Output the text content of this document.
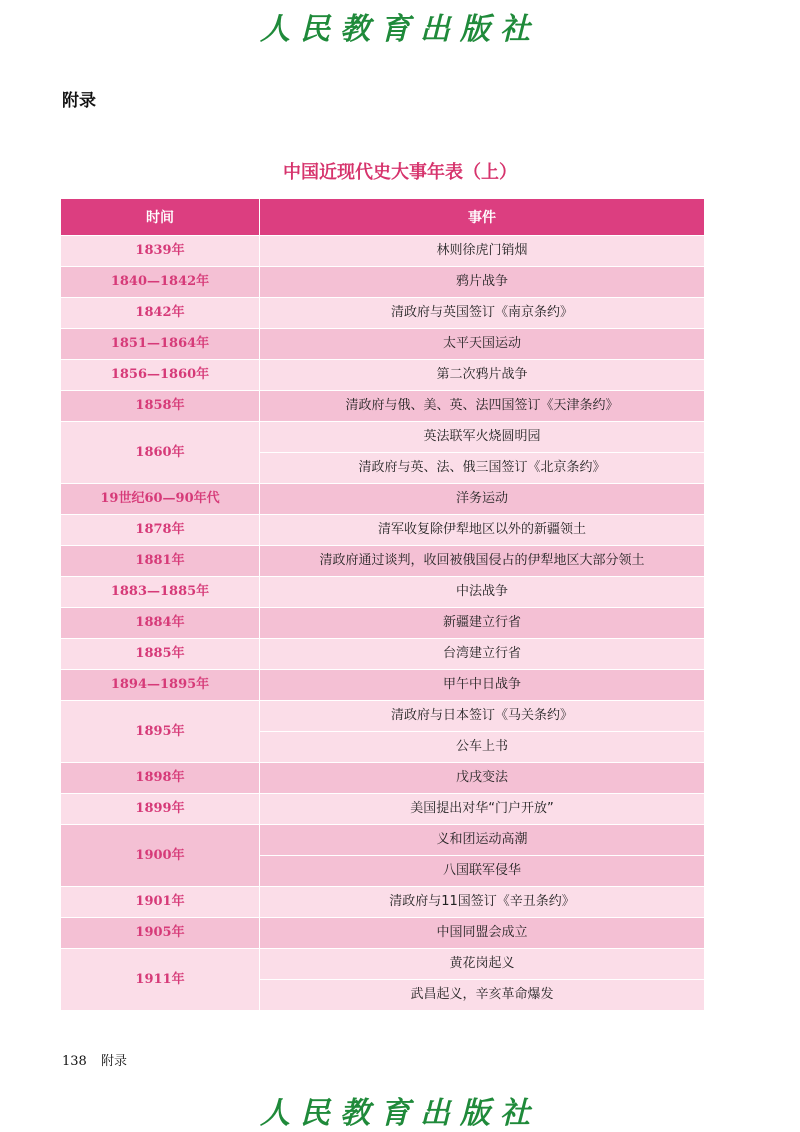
人民教育出版社
附录
中国近现代史大事年表（上）
时间	事件
1839年	林则徐虎门销烟
1840—1842年	鸦片战争
1842年	清政府与英国签订《南京条约》
1851—1864年	太平天国运动
1856—1860年	第二次鸦片战争
1858年	清政府与俄、美、英、法四国签订《天津条约》
1860年	英法联军火烧圆明园
	清政府与英、法、俄三国签订《北京条约》
19世纪60—90年代	洋务运动
1878年	清军收复除伊犁地区以外的新疆领土
1881年	清政府通过谈判，收回被俄国侵占的伊犁地区大部分领土
1883—1885年	中法战争
1884年	新疆建立行省
1885年	台湾建立行省
1894—1895年	甲午中日战争
1895年	清政府与日本签订《马关条约》
	公车上书
1898年	戊戌变法
1899年	美国提出对华“门户开放”
1900年	义和团运动高潮
	八国联军侵华
1901年	清政府与11国签订《辛丑条约》
1905年	中国同盟会成立
1911年	黄花岗起义
	武昌起义，辛亥革命爆发
138 附录
人民教育出版社
